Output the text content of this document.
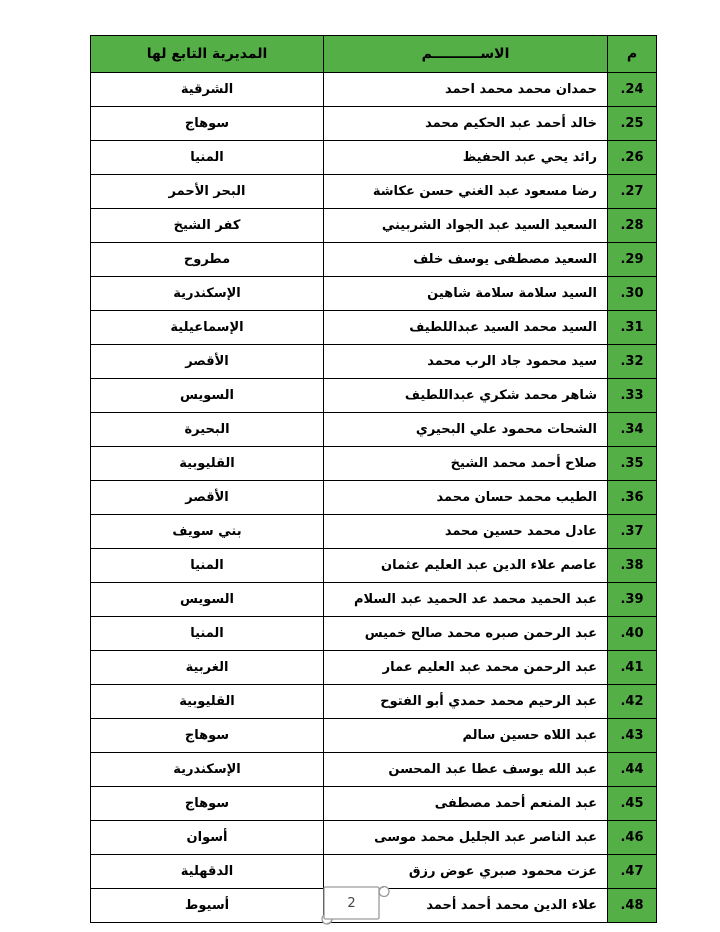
م	الاســــــــــم	المديرية التابع لها
.24	حمدان محمد محمد احمد	الشرقية
.25	خالد أحمد عبد الحكيم محمد	سوهاج
.26	رائد يحي عبد الحفيظ	المنيا
.27	رضا مسعود عبد الغني حسن عكاشة	البحر الأحمر
.28	السعيد السيد عبد الجواد الشربيني	كفر الشيخ
.29	السعيد مصطفى يوسف خلف	مطروح
.30	السيد سلامة سلامة شاهين	الإسكندرية
.31	السيد محمد السيد عبداللطيف	الإسماعيلية
.32	سيد محمود جاد الرب محمد	الأقصر
.33	شاهر محمد شكري عبداللطيف	السويس
.34	الشحات محمود علي البحيري	البحيرة
.35	صلاح أحمد محمد الشيخ	القليوبية
.36	الطيب محمد حسان محمد	الأقصر
.37	عادل محمد حسين محمد	بني سويف
.38	عاصم علاء الدين عبد العليم عثمان	المنيا
.39	عبد الحميد محمد عد الحميد عبد السلام	السويس
.40	عبد الرحمن صبره محمد صالح خميس	المنيا
.41	عبد الرحمن محمد عبد العليم عمار	الغربية
.42	عبد الرحيم محمد حمدي أبو الفتوح	القليوبية
.43	عبد اللاه حسين سالم	سوهاج
.44	عبد الله يوسف عطا عبد المحسن	الإسكندرية
.45	عبد المنعم أحمد مصطفى	سوهاج
.46	عبد الناصر عبد الجليل محمد موسى	أسوان
.47	عزت محمود صبري عوض رزق	الدقهلية
.48	علاء الدين محمد أحمد أحمد	أسيوط	2
